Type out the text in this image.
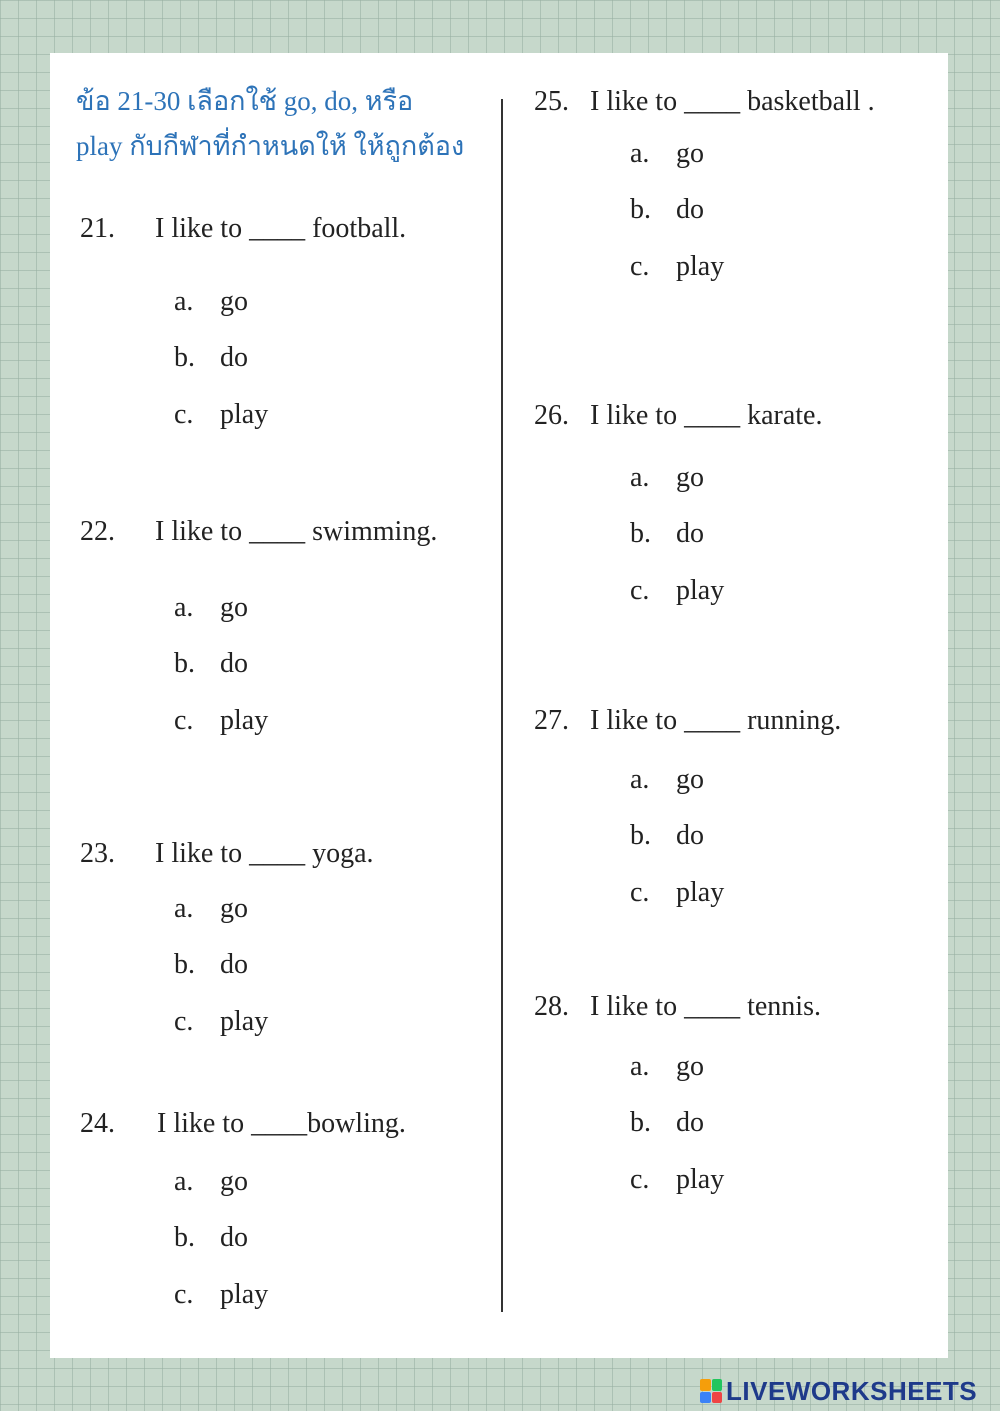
ข้อ 21-30 เลือกใช้ go, do, หรือ
play กับกีฬาที่กำหนดให้ ให้ถูกต้อง
21. I like to ____ football.
a. go
b. do
c. play
22. I like to ____ swimming.
a. go
b. do
c. play
23. I like to ____ yoga.
a. go
b. do
c. play
24. I like to ____bowling.
a. go
b. do
c. play
25. I like to ____ basketball .
a. go
b. do
c. play
26. I like to ____ karate.
a. go
b. do
c. play
27. I like to ____ running.
a. go
b. do
c. play
28. I like to ____ tennis.
a. go
b. do
c. play
LIVEWORKSHEETS
